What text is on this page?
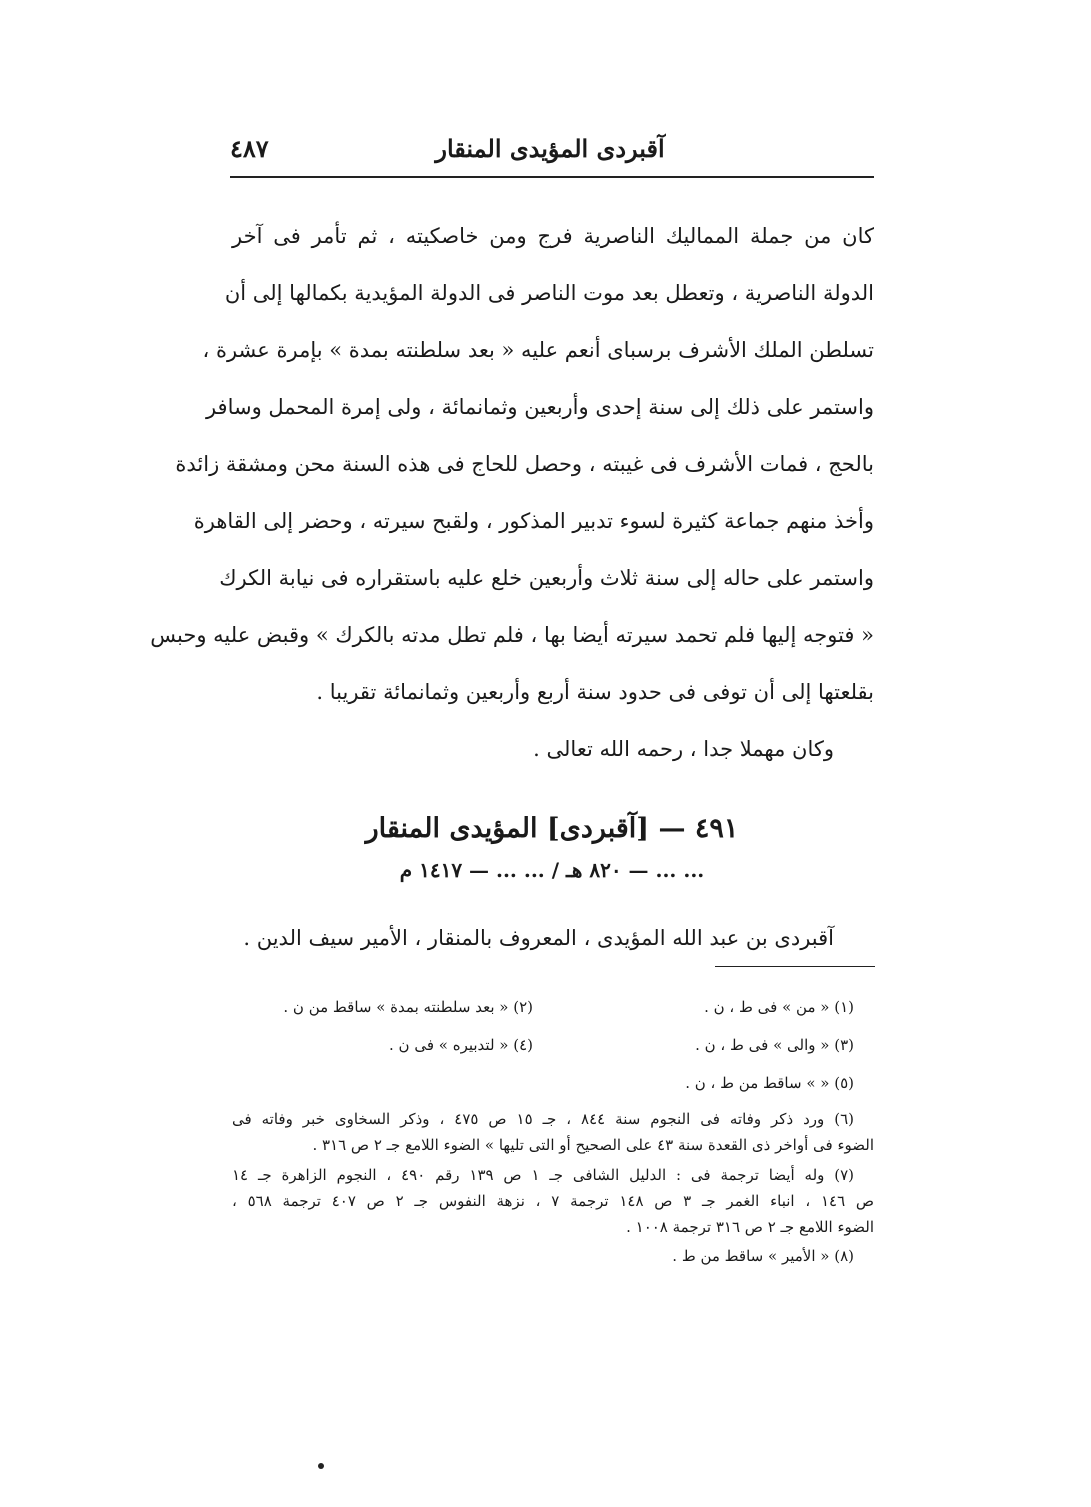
آقبردى المؤيدى المنقار
٤٨٧
كان من جملة المماليك الناصرية فرج ومن خاصكيته ، ثم تأمر فى آخر
الدولة الناصرية ، وتعطل بعد موت الناصر فى الدولة المؤيدية بكمالها إلى أن
تسلطن الملك الأشرف برسباى أنعم عليه « بعد سلطنته بمدة » بإمرة عشرة ،
واستمر على ذلك إلى سنة إحدى وأربعين وثمانمائة ، ولى إمرة المحمل وسافر
بالحج ، فمات الأشرف فى غيبته ، وحصل للحاج فى هذه السنة محن ومشقة زائدة
وأخذ منهم جماعة كثيرة لسوء تدبير المذكور ، ولقبح سيرته ، وحضر إلى القاهرة
واستمر على حاله إلى سنة ثلاث وأربعين خلع عليه باستقراره فى نيابة الكرك
« فتوجه إليها فلم تحمد سيرته أيضا بها ، فلم تطل مدته بالكرك » وقبض عليه وحبس
بقلعتها إلى أن توفى فى حدود سنة أربع وأربعين وثمانمائة تقريبا .
وكان مهملا جدا ، رحمه الله تعالى .
٤٩١ — [آقبردى] المؤيدى المنقار
... ... — ٨٢٠ هـ / ... ... — ١٤١٧ م
آقبردى بن عبد الله المؤيدى ، المعروف بالمنقار ، الأمير سيف الدين .
(١) « من » فى ط ، ن .
(٢) « بعد سلطنته بمدة » ساقط من ن .
(٣) « والى » فى ط ، ن .
(٤) « لتدبيره » فى ن .
(٥) « » ساقط من ط ، ن .
(٦) ورد ذكر وفاته فى النجوم سنة ٨٤٤ ، جـ ١٥ ص ٤٧٥ ، وذكر السخاوى خبر وفاته فى
الضوء فى أواخر ذى القعدة سنة ٤٣ على الصحيح أو التى تليها » الضوء اللامع جـ ٢ ص ٣١٦ .
(٧) وله أيضا ترجمة فى : الدليل الشافى جـ ١ ص ١٣٩ رقم ٤٩٠ ، النجوم الزاهرة جـ ١٤
ص ١٤٦ ، انباء الغمر جـ ٣ ص ١٤٨ ترجمة ٧ ، نزهة النفوس جـ ٢ ص ٤٠٧ ترجمة ٥٦٨ ،
الضوء اللامع جـ ٢ ص ٣١٦ ترجمة ١٠٠٨ .
(٨) « الأمير » ساقط من ط .
